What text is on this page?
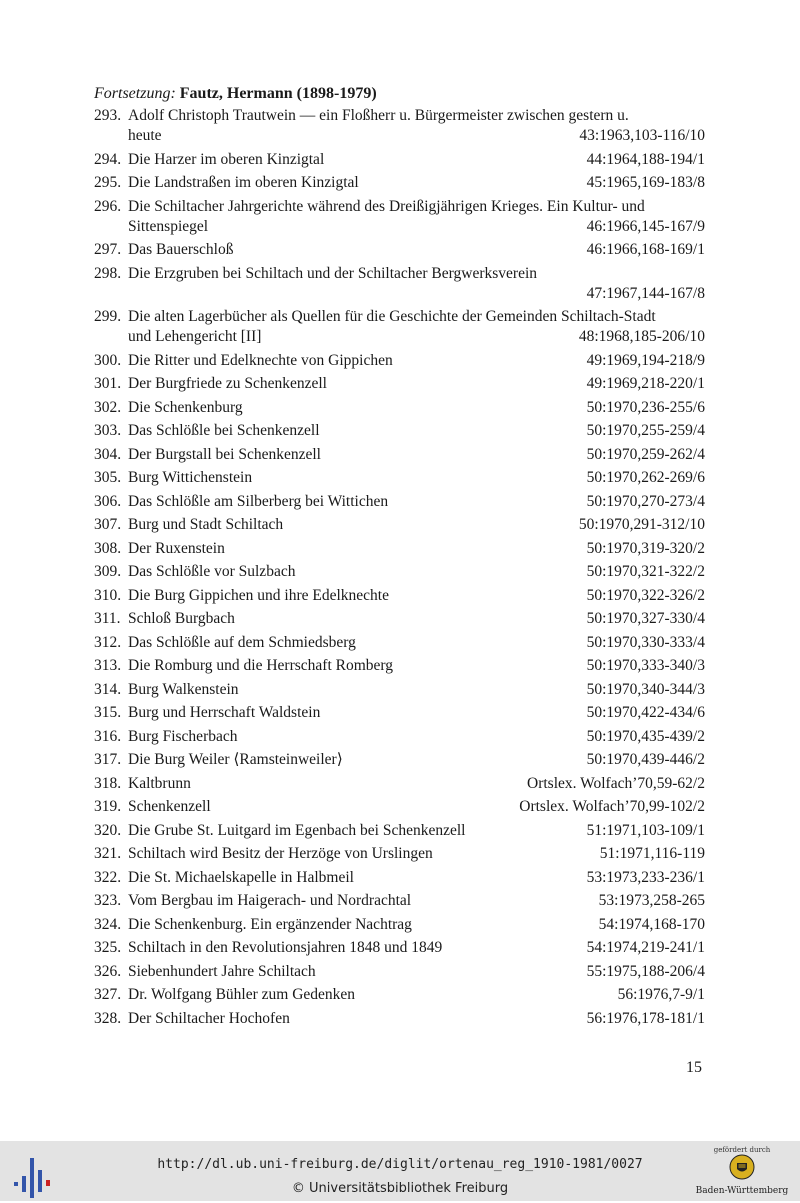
Fortsetzung: Fautz, Hermann (1898-1979)
293. Adolf Christoph Trautwein — ein Floßherr u. Bürgermeister zwischen gestern u.
heute	43:1963,103-116/10
294. Die Harzer im oberen Kinzigtal	44:1964,188-194/1
295. Die Landstraßen im oberen Kinzigtal	45:1965,169-183/8
296. Die Schiltacher Jahrgerichte während des Dreißigjährigen Krieges. Ein Kultur- und
Sittenspiegel	46:1966,145-167/9
297. Das Bauerschloß	46:1966,168-169/1
298. Die Erzgruben bei Schiltach und der Schiltacher Bergwerksverein
47:1967,144-167/8
299. Die alten Lagerbücher als Quellen für die Geschichte der Gemeinden Schiltach-Stadt
und Lehengericht [II]	48:1968,185-206/10
300. Die Ritter und Edelknechte von Gippichen	49:1969,194-218/9
301. Der Burgfriede zu Schenkenzell	49:1969,218-220/1
302. Die Schenkenburg	50:1970,236-255/6
303. Das Schlößle bei Schenkenzell	50:1970,255-259/4
304. Der Burgstall bei Schenkenzell	50:1970,259-262/4
305. Burg Wittichenstein	50:1970,262-269/6
306. Das Schlößle am Silberberg bei Wittichen	50:1970,270-273/4
307. Burg und Stadt Schiltach	50:1970,291-312/10
308. Der Ruxenstein	50:1970,319-320/2
309. Das Schlößle vor Sulzbach	50:1970,321-322/2
310. Die Burg Gippichen und ihre Edelknechte	50:1970,322-326/2
311. Schloß Burgbach	50:1970,327-330/4
312. Das Schlößle auf dem Schmiedsberg	50:1970,330-333/4
313. Die Romburg und die Herrschaft Romberg	50:1970,333-340/3
314. Burg Walkenstein	50:1970,340-344/3
315. Burg und Herrschaft Waldstein	50:1970,422-434/6
316. Burg Fischerbach	50:1970,435-439/2
317. Die Burg Weiler ⟨Ramsteinweiler⟩	50:1970,439-446/2
318. Kaltbrunn	Ortslex. Wolfach’70,59-62/2
319. Schenkenzell	Ortslex. Wolfach’70,99-102/2
320. Die Grube St. Luitgard im Egenbach bei Schenkenzell	51:1971,103-109/1
321. Schiltach wird Besitz der Herzöge von Urslingen	51:1971,116-119
322. Die St. Michaelskapelle in Halbmeil	53:1973,233-236/1
323. Vom Bergbau im Haigerach- und Nordrachtal	53:1973,258-265
324. Die Schenkenburg. Ein ergänzender Nachtrag	54:1974,168-170
325. Schiltach in den Revolutionsjahren 1848 und 1849	54:1974,219-241/1
326. Siebenhundert Jahre Schiltach	55:1975,188-206/4
327. Dr. Wolfgang Bühler zum Gedenken	56:1976,7-9/1
328. Der Schiltacher Hochofen	56:1976,178-181/1
15
http://dl.ub.uni-freiburg.de/diglit/ortenau_reg_1910-1981/0027
© Universitätsbibliothek Freiburg
gefördert durch
Baden-Württemberg
